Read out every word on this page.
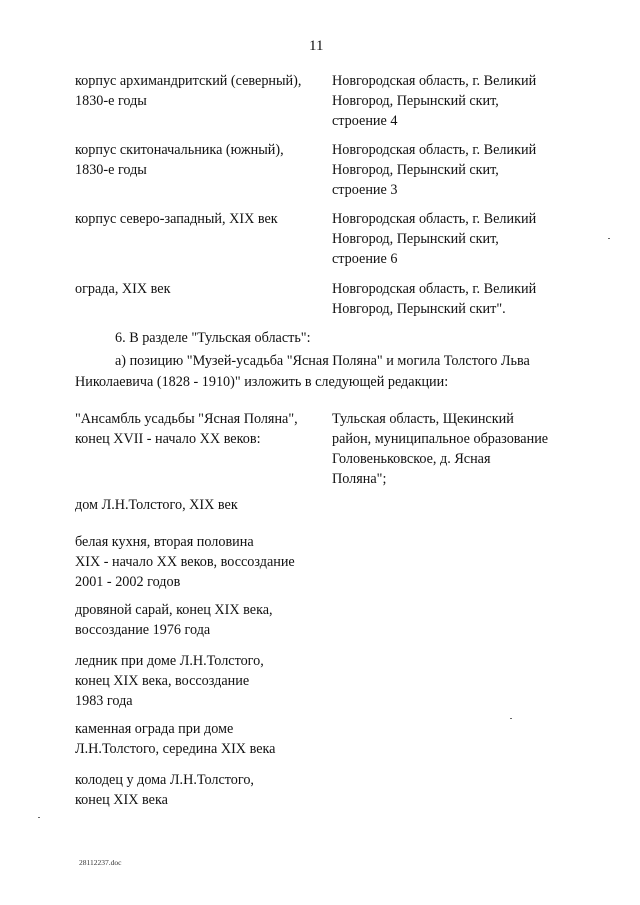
11
корпус архимандритский (северный),
1830-е годы
Новгородская область, г. Великий
Новгород, Перынский скит,
строение 4
корпус скитоначальника (южный),
1830-е годы
Новгородская область, г. Великий
Новгород, Перынский скит,
строение 3
корпус северо-западный, XIX век	Новгородская область, г. Великий
Новгород, Перынский скит,
строение 6
ограда, XIX век	Новгородская область, г. Великий
Новгород, Перынский скит".
6. В разделе "Тульская область":
а) позицию "Музей-усадьба "Ясная Поляна" и могила Толстого Льва
Николаевича (1828 - 1910)" изложить в следующей редакции:
"Ансамбль усадьбы "Ясная Поляна",
конец XVII - начало XX веков:
Тульская область, Щекинский
район, муниципальное образование
Головеньковское, д. Ясная
Поляна";
дом Л.Н.Толстого, XIX век
белая кухня, вторая половина
XIX - начало XX веков, воссоздание
2001 - 2002 годов
дровяной сарай, конец XIX века,
воссоздание 1976 года
ледник при доме Л.Н.Толстого,
конец XIX века, воссоздание
1983 года
каменная ограда при доме
Л.Н.Толстого, середина XIX века
колодец у дома Л.Н.Толстого,
конец XIX века
28112237.doc
